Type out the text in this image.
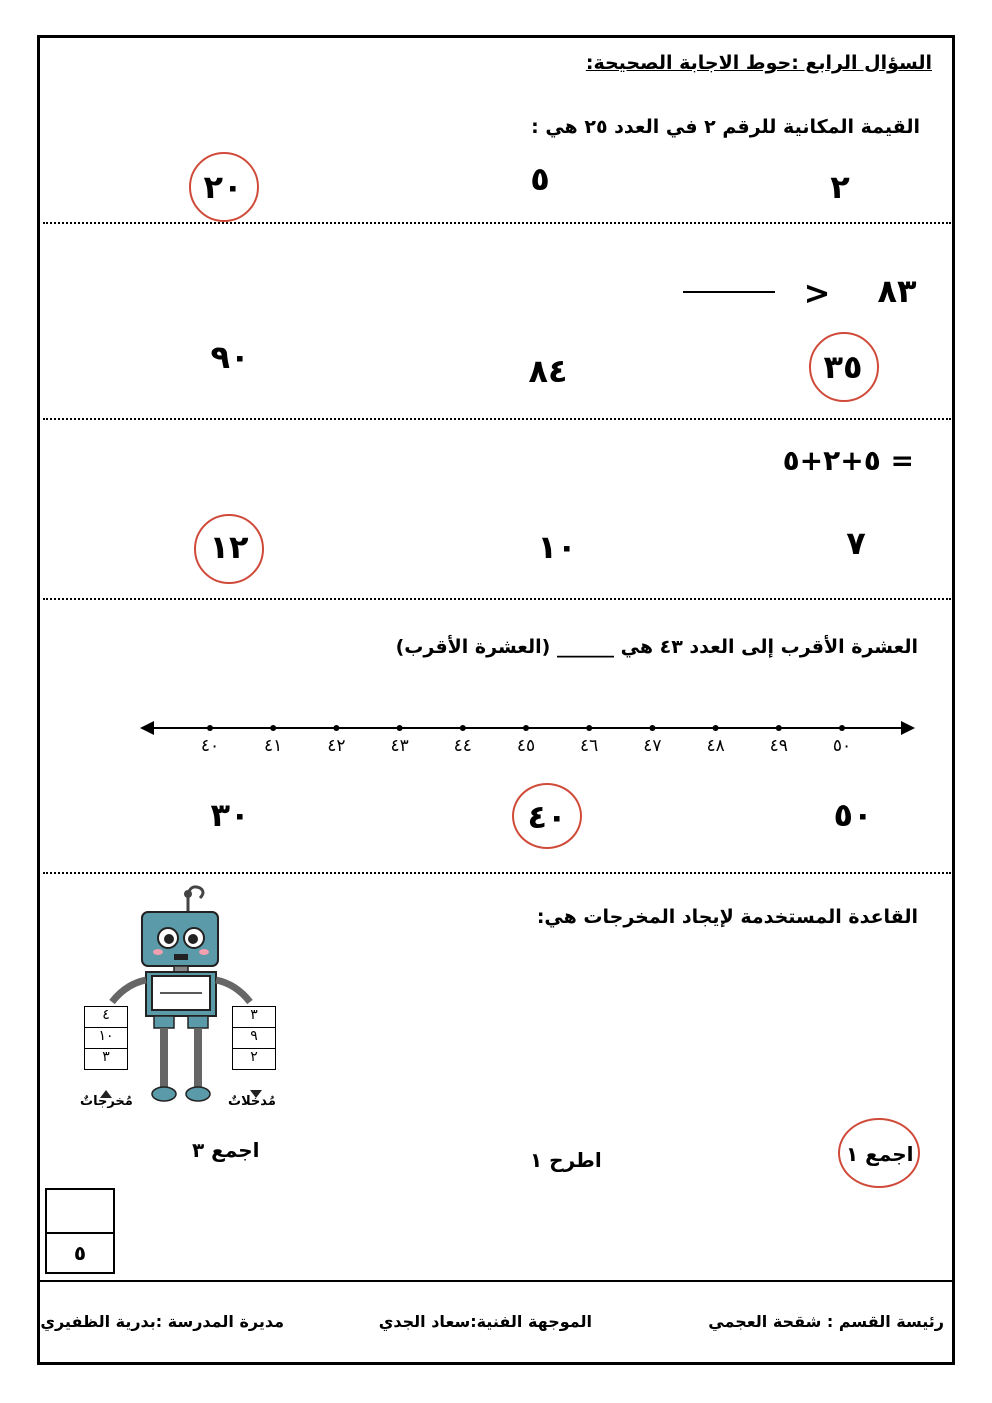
السؤال الرابع :حوط الاجابة الصحيحة:
القيمة المكانية للرقم ٢ في العدد ٢٥ هي :
٢
٥
٢٠
٨٣
>
٣٥
٨٤
٩٠
٥+٢+٥ =
٧
١٠
١٢
العشرة الأقرب إلى العدد ٤٣ هي ______ (العشرة الأقرب)
٥٠
٤٩
٤٨
٤٧
٤٦
٤٥
٤٤
٤٣
٤٢
٤١
٤٠
٥٠
٤٠
٣٠
القاعدة المستخدمة لإيجاد المخرجات هي:
٤
١٠
٣
مُخرجاتٌ
٣
٩
٢
مُدخلاتٌ
اجمع ١
اطرح ١
اجمع ٣
٥
رئيسة القسم : شقحة العجمي
الموجهة الفنية:سعاد الجدي
مديرة المدرسة :بدرية الظفيري
